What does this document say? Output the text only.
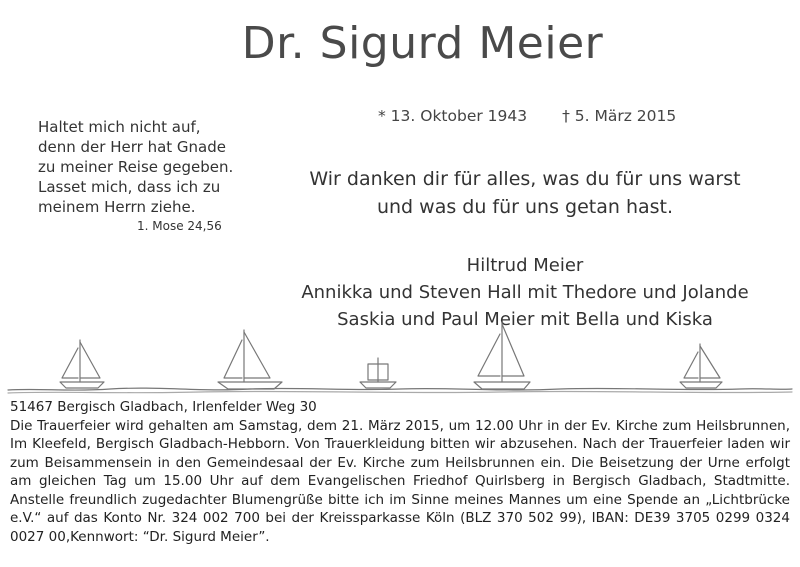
Dr. Sigurd Meier
* 13. Oktober 1943 † 5. März 2015
Haltet mich nicht auf,
denn der Herr hat Gnade
zu meiner Reise gegeben.
Lasset mich, dass ich zu
meinem Herrn ziehe.
1. Mose 24,56
Wir danken dir für alles, was du für uns warst
und was du für uns getan hast.
Hiltrud Meier
Annikka und Steven Hall mit Thedore und Jolande
Saskia und Paul Meier mit Bella und Kiska
51467 Bergisch Gladbach, Irlenfelder Weg 30
Die Trauerfeier wird gehalten am Samstag, dem 21. März 2015, um 12.00 Uhr in der Ev. Kirche zum Heilsbrunnen, Im Kleefeld, Bergisch Gladbach-Hebborn. Von Trauerkleidung bitten wir abzusehen. Nach der Trauerfeier laden wir zum Beisammensein in den Gemeindesaal der Ev. Kirche zum Heilsbrunnen ein. Die Beisetzung der Urne erfolgt am gleichen Tag um 15.00 Uhr auf dem Evangelischen Friedhof Quirlsberg in Bergisch Gladbach, Stadtmitte. Anstelle freundlich zugedachter Blumengrüße bitte ich im Sinne meines Mannes um eine Spende an „Lichtbrücke e.V.“ auf das Konto Nr. 324 002 700 bei der Kreissparkasse Köln (BLZ 370 502 99), IBAN: DE39 3705 0299 0324 0027 00,Kennwort: “Dr. Sigurd Meier”.
